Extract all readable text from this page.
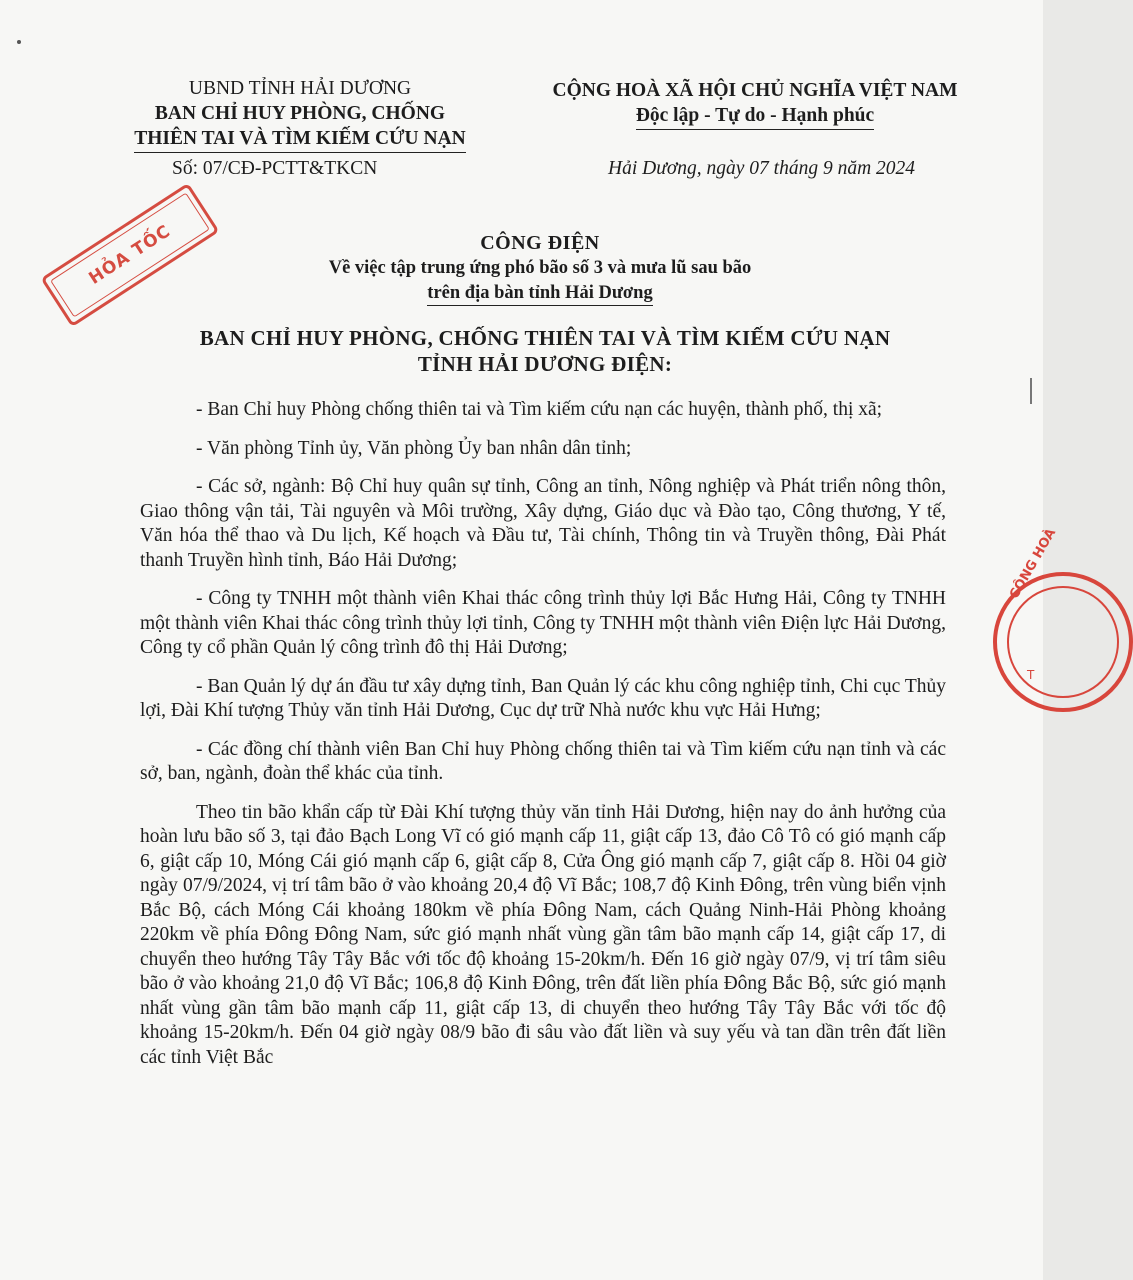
UBND TỈNH HẢI DƯƠNG
BAN CHỈ HUY PHÒNG, CHỐNG
THIÊN TAI VÀ TÌM KIẾM CỨU NẠN
CỘNG HOÀ XÃ HỘI CHỦ NGHĨA VIỆT NAM
Độc lập - Tự do - Hạnh phúc
Số: 07/CĐ-PCTT&TKCN	Hải Dương, ngày 07 tháng 9 năm 2024
HỎA TỐC	CÔNG ĐIỆN
Về việc tập trung ứng phó bão số 3 và mưa lũ sau bão
trên địa bàn tỉnh Hải Dương
BAN CHỈ HUY PHÒNG, CHỐNG THIÊN TAI VÀ TÌM KIẾM CỨU NẠN
TỈNH HẢI DƯƠNG ĐIỆN:

- Ban Chỉ huy Phòng chống thiên tai và Tìm kiếm cứu nạn các huyện, thành phố, thị xã;

- Văn phòng Tỉnh ủy, Văn phòng Ủy ban nhân dân tỉnh;

- Các sở, ngành: Bộ Chỉ huy quân sự tỉnh, Công an tỉnh, Nông nghiệp và Phát triển nông thôn, Giao thông vận tải, Tài nguyên và Môi trường, Xây dựng, Giáo dục và Đào tạo, Công thương, Y tế, Văn hóa thể thao và Du lịch, Kế hoạch và Đầu tư, Tài chính, Thông tin và Truyền thông, Đài Phát thanh Truyền hình tỉnh, Báo Hải Dương;

- Công ty TNHH một thành viên Khai thác công trình thủy lợi Bắc Hưng Hải, Công ty TNHH một thành viên Khai thác công trình thủy lợi tỉnh, Công ty TNHH một thành viên Điện lực Hải Dương, Công ty cổ phần Quản lý công trình đô thị Hải Dương;

- Ban Quản lý dự án đầu tư xây dựng tỉnh, Ban Quản lý các khu công nghiệp tỉnh, Chi cục Thủy lợi, Đài Khí tượng Thủy văn tỉnh Hải Dương, Cục dự trữ Nhà nước khu vực Hải Hưng;

- Các đồng chí thành viên Ban Chỉ huy Phòng chống thiên tai và Tìm kiếm cứu nạn tỉnh và các sở, ban, ngành, đoàn thể khác của tỉnh.

Theo tin bão khẩn cấp từ Đài Khí tượng thủy văn tỉnh Hải Dương, hiện nay do ảnh hưởng của hoàn lưu bão số 3, tại đảo Bạch Long Vĩ có gió mạnh cấp 11, giật cấp 13, đảo Cô Tô có gió mạnh cấp 6, giật cấp 10, Móng Cái gió mạnh cấp 6, giật cấp 8, Cửa Ông gió mạnh cấp 7, giật cấp 8. Hồi 04 giờ ngày 07/9/2024, vị trí tâm bão ở vào khoảng 20,4 độ Vĩ Bắc; 108,7 độ Kinh Đông, trên vùng biển vịnh Bắc Bộ, cách Móng Cái khoảng 180km về phía Đông Nam, cách Quảng Ninh-Hải Phòng khoảng 220km về phía Đông Đông Nam, sức gió mạnh nhất vùng gần tâm bão mạnh cấp 14, giật cấp 17, di chuyển theo hướng Tây Tây Bắc với tốc độ khoảng 15-20km/h. Đến 16 giờ ngày 07/9, vị trí tâm siêu bão ở vào khoảng 21,0 độ Vĩ Bắc; 106,8 độ Kinh Đông, trên đất liền phía Đông Bắc Bộ, sức gió mạnh nhất vùng gần tâm bão mạnh cấp 11, giật cấp 13, di chuyển theo hướng Tây Tây Bắc với tốc độ khoảng 15-20km/h. Đến 04 giờ ngày 08/9 bão đi sâu vào đất liền và suy yếu và tan dần trên đất liền các tỉnh Việt Bắc

CÔNG HOÀ
T
